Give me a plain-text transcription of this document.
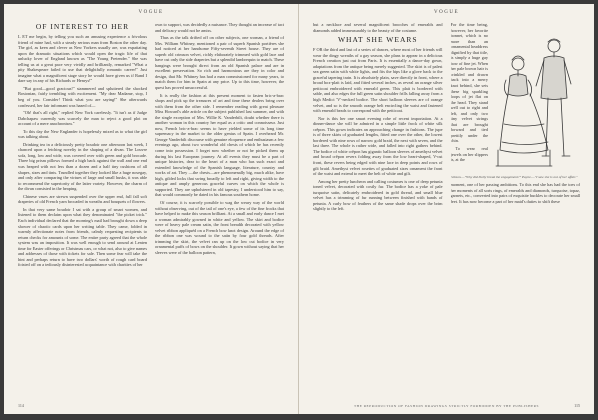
VOGUE
OF INTEREST TO HER

L ET me begin, by telling you such an amusing experience a frivolous friend of mine had, with a steady serious man from Boston the other day. The girl, as keen and clever as New Yorkers usually are, was expatiating upon the dramatic situations which would open the tragic life of that unlucky lover of England known as "The Young Pretender." She was telling us at a great pace very vividly and brilliantly, remarked "What a pity Shakespeare failed to use that delightfully romantic career!" Just imagine what a magnificent stage story he would have given us if Rand I dare say in any of his Richards or Henrys!"

"But good—good gracious!" stammered and spluttered the shocked Bostonian, fairly trembling with excitement. "My dear Madame, stop, I beg of you. Consider! Think what you are saying!" She afterwards confessed, her fair informant was hazed of—

"Oh! that's all right," replied New York carelessly. "It isn't as if Judge Dabchapaw currently was scarcely the man to reject a good plot on account of a mere anachronism."

To this day the New Englander is hopelessly mixed as to what the girl was talking about.

Drinking tea in a deliciously pretty boudoir one afternoon last week, I chanced upon a fetching novelty in the shaping of a divan. The Louvre sofa, long, low and wide, was covered over with green and gold brocade. Three big prism pillows formed a high back against the wall and one end was heaped with not less than a dozen and a half tiny cushions of all shapes, sizes and tints. Trundled together they looked like a huge nosegay, and only after comparing the virtues of large and small husks, it was able to recommend the superiority of the latter variety. However, the charm of the divan consisted in the heaping.

Chinese vases are strewn suspended over the upper end, full fall soft draperies of old French yarn brocaded in wreaths and bouquets of flowers.

In that very same boudoir I sat with a group of smart women, and listened to them declaim upon what they denominated "the picket trick." Each individual declared that the morning's mail had brought down a deep shower of chaotic cards upon her writing table. They came, folded in warmly affectionate notes from friends, calmly requesting recipients to return checks for amounts of some. The entire party agreed that the whole system was an imposition. It was well enough to send around at Lenten time for Easter offerings or Christmas cars, or what not, also to give names and addresses of those with tickets for sale. Then some fear will take the hint and perhaps return to have two dollars' worth of rough card board foisted off on a tediously disinterested acquaintance with charities of her

own to support, was decidedly a nuisance. They thought an increase of tact and delicacy would not be amiss.

Thus as the talk drifted off on other subjects, one woman, a friend of Mrs. William Whitney, mentioned a pair of superb Spanish portières she had noticed at her handsome Fifty-seventh Street house. They are of superb old crimson velvet, richly elaborately trimmed with gold lace and have cut only the side draperies but a splendid lambrequin to match. These hangings were brought direct from an old Spanish palace and are in excellent preservation. So rich and harmonious are they in color and design, that Mr. Whitney has had a man commissioned for many years, to match them for him in Spain at any price. Up to this time, however, the quest has proved unsuccessful.

It is really the fashion at this present moment to fasten bric-a-brac shops and pick up the treasures of art and time these dealers bring over with them from the other side. I remember reading with great pleasure Miss Howard's able article on the subject published last summer, and with the single exception of Mrs. Willie K. Vanderbilt, doubt whether there is another woman in this country her equal as a critic and connoisseur. Just now, French bric-a-brac seems to have yielded some of its long time supremacy in the market to the older genius of Spain. I overheard Mr. George Vanderbilt discourse with genuine eloquence and enthusiasm a few evenings ago, about two wonderful old chests of which he has recently come into possession. I forget now whether or not he picked them up during his last European journey. At all events they must be a part of unique histories, dear to the heart of a man who has such exact and extended knowledge of the Spanish language, literature, country and works of art. They —the chests—are phenomenally big, much alike, have high, gilded locks that swing broadly to left and right, giving width to the antique and amply generous graceful curves on which the whole is supported. They are upholstered in old tapestry, I understood him to say, that would commonly be dated in his famous southern home.

Of course, it is scarcely possible to wag the weary way of the world without observing, out of the tail of one's eye, a few of the fine frocks that have helped to make this season brilliant. At a small and early dance I met a woman admirably gowned in white and yellow. The skirt and bodice were of heavy pale cream satin, the front breadth decorated with yellow velvet ribbon appliquéd on a French bow knot design. Around the edge of the ribbon one was wound to the satin by four gold threads. After trimming the skirt, the velvet ran up on the low cut bodice in very ornamental puffs of bows on the shoulder. It gown without saying that her sleeves were of the balloon pattern,

114
VOGUE

but a necklace and several magnificent brooches of emeralds and diamonds added immeasurably to the beauty of the costume.

WHAT SHE WEARS

F OR the third and last of a series of dances, where most of her friends will wear the dingy wreaths of a gay season, she plans to appear in a delicious French creation just out from Paris. It is essentially a dance-day gown, adaptations from the antique being merely suggested. The skirt is of palest sea green satin with white lights, and fits the hips like a glove back to the graceful tapering train. It is absolutely plain, save directly in front, where a broad box-plait is laid, and fitted several inches, as reveal an orange silver petticoat embroidered with emerald green. This plait is bordered with sable, and also edges the full green satin shoulder frills falling away from a high Medici 'V'-necked bodice. The short balloon sleeves are of orange velvet, and so is the smooth orange belt encircling the waist and fastened with emerald beads to correspond with the petticoat.

Nor is this her one smart evening robe of recent importation. At a dinner-dance she will be admired in a simple little frock of white silk crêpon. This gown indicates an approaching change in fashions. The jupe is of three skirts of graduated lengths, fitted one over the other, the lowest bordered with nine rows of narrow gold braid, the next with seven, and the last three. The whole is rather wide, and falled into right gathers behind. The bodice of white crêpon has gigantic balloon sleeves of amethyst velvet and broad crêpon revers folding away from the low heart-shaped, V-cut front, these revers being edged with nine lace in deep points and rows of gilt braid. Amethyst velvet rosettes of graduated sizes ornament the front of the waist and extend to meet the belt of white and gilt.

Among her pretty luncheon and calling costumes is one of deep petunia toned velvet, decorated with costly fur. The bodice has a yoke of pale turquoise satin, delicately embroidered in gold thread, and small blue velvet has a trimming of fur running between finished with bands of petunia. A curly bow of feathers of the same shade drops over the brim slightly to the left.

For the time being, however, her favorite bonnet, which is no more than an ornamental headdress dignified by that title, is simply a huge gay bow of fine jet. When her pale brown hair is crinkled and drawn back into a merry knot behind, she sets these big sparkling loops of jet flat on the head. They stand well out to right and left, and only two tiny velvet strings that are brought forward and tied prettily under the chin.

To wear real jewels on her slippers is, at the

Gibson.—"Why did Dolly break the engagement?" Payne.—"I saw she is out of her affair."

moment, one of her passing ambitions. To this end she has had the toes of her moments of all sorts rings, of emeralds and diamonds, turquoise, topaz, garnets, etc., converted into pairs of exquisite buckles to decorate her small feet. It has now become a part of her maid's duties to shift these

THE REPRODUCTION OF FASHION DRAWINGS STRICTLY FORBIDDEN BY THE PUBLISHERS	115
